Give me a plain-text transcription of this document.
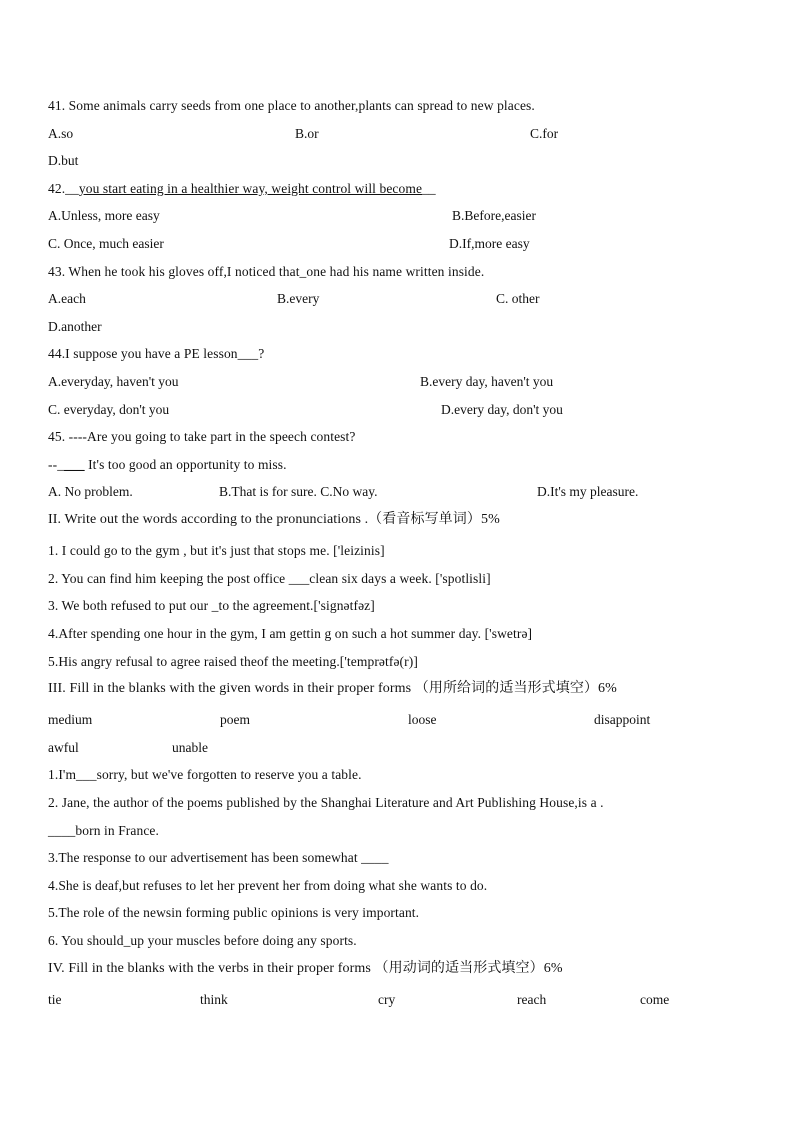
41. Some animals carry seeds from one place to another,plants can spread to new places.
A.so	B.or	C.for
D.but
42.__you start eating in a healthier way, weight control will become__
A.Unless, more easy	B.Before,easier
C. Once, much easier	D.If,more easy
43. When he took his gloves off,I noticed that_one had his name written inside.
A.each	B.every	C. other
D.another
44.I suppose you have a PE lesson___?
A.everyday, haven't you	B.every day, haven't you
C. everyday, don't you	D.every day, don't you
45. ----Are you going to take part in the speech contest?
--____ It's too good an opportunity to miss.
A. No problem.	B.That is for sure. C.No way.	D.It's my pleasure.
II. Write out the words according to the pronunciations .（看音标写单词）5%
1. I could go to the gym , but it's just that stops me. ['leizinis]
2. You can find him keeping the post office ___clean six days a week. ['spotlisli]
3. We both refused to put our _to the agreement.['signətfəz]
4.After spending one hour in the gym, I am gettin g on such a hot summer day. ['swetrə]
5.His angry refusal to agree raised theof the meeting.['temprətfə(r)]
III. Fill in the blanks with the given words in their proper forms （用所给词的适当形式填空）6%
medium	poem	loose	disappoint
awful	unable
1.I'm___sorry, but we've forgotten to reserve you a table.
2. Jane, the author of the poems published by the Shanghai Literature and Art Publishing House,is a .
____born in France.
3.The response to our advertisement has been somewhat ____
4.She is deaf,but refuses to let her prevent her from doing what she wants to do.
5.The role of the newsin forming public opinions is very important.
6. You should_up your muscles before doing any sports.
IV. Fill in the blanks with the verbs in their proper forms （用动词的适当形式填空）6%
tie	think	cry	reach	come
